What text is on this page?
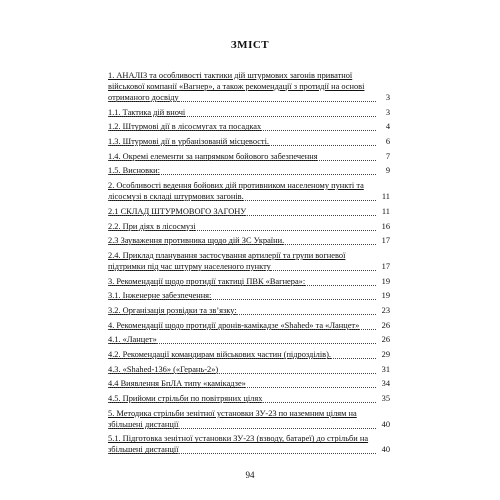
ЗМІСТ
1. АНАЛІЗ та особливості тактики дій штурмових загонів приватної військової компанії «Вагнер», а також рекомендації з протидії на основі отриманого досвіду	3
1.1. Тактика дій вночі	3
1.2. Штурмові дії в лісосмугах та посадках	4
1.3. Штурмові дії в урбанізованій місцевості.	6
1.4. Окремі елементи за напрямком бойового забезпечення	7
1.5. Висновки:	9
2. Особливості ведення бойових дій противником населеному пункті та лісосмузі в складі штурмових загонів.	11
2.1 СКЛАД ШТУРМОВОГО ЗАГОНУ	11
2.2. При діях в лісосмузі	16
2.3 Зауваження противника щодо дій ЗС України.	17
2.4. Приклад планування застосування артилерії та групи вогневої підтримки під час штурму населеного пункту	17
3. Рекомендації щодо протидії тактиці ПВК «Вагнера»:	19
3.1. Інженерне забезпечення:	19
3.2. Організація розвідки та зв’язку:	23
4. Рекомендації щодо протидії дронів-камікадзе «Shahed» та «Ланцет»	26
4.1. «Ланцет»	26
4.2. Рекомендації командирам військових частин (підрозділів).	29
4.3. «Shahed-136» («Герань-2»)	31
4.4 Виявлення БпЛА типу «камікадзе»	34
4.5. Прийоми стрільби по повітряних цілях	35
5. Методика стрільби зенітної установки ЗУ-23 по наземним цілям на збільшені дистанції	40
5.1. Підготовка зенітної установки ЗУ-23 (взводу, батареї) до стрільби на збільшені дистанції	40
94
